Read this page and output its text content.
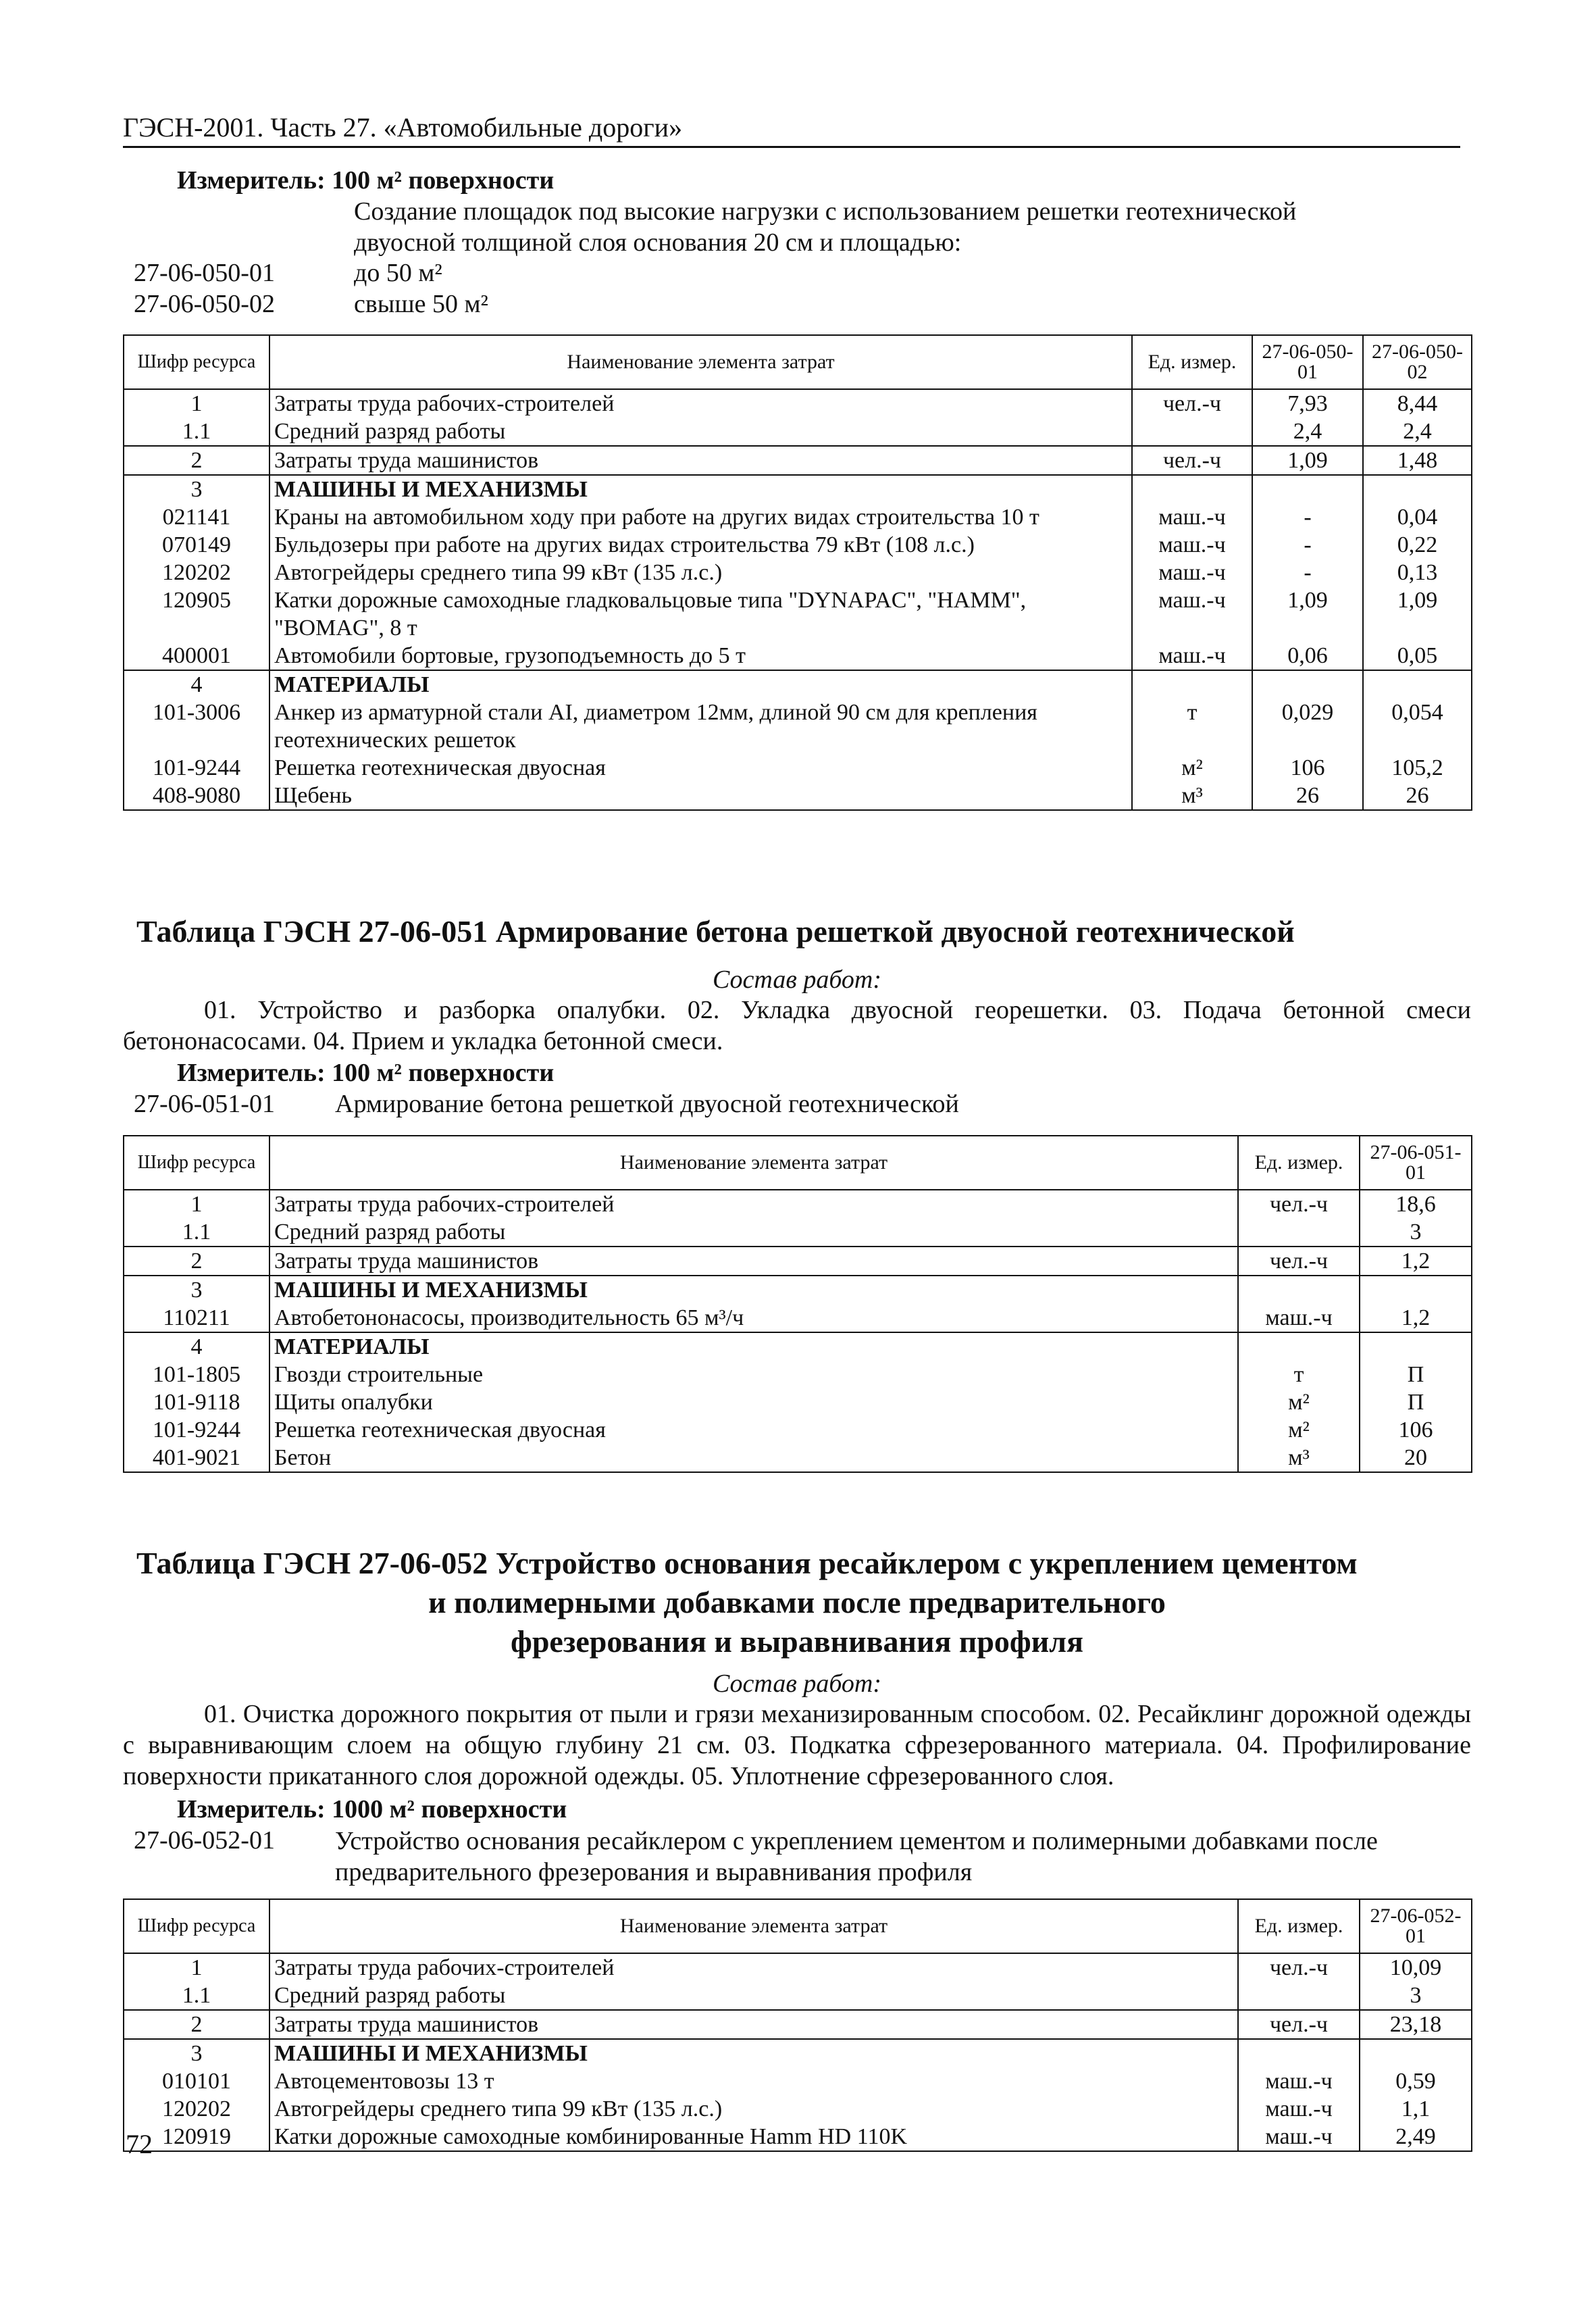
ГЭСН-2001. Часть 27. «Автомобильные дороги»
Измеритель: 100 м² поверхности
Создание площадок под высокие нагрузки с использованием решетки геотехнической двуосной толщиной слоя основания 20 см и площадью:
27-06-050-01	до 50 м²
27-06-050-02	свыше 50 м²
Шифр ресурса	Наименование элемента затрат	Ед. измер.	27-06-050-01	27-06-050-02
1	Затраты труда рабочих-строителей	чел.-ч	7,93	8,44
1.1	Средний разряд работы		2,4	2,4
2	Затраты труда машинистов	чел.-ч	1,09	1,48
3	МАШИНЫ И МЕХАНИЗМЫ			
021141	Краны на автомобильном ходу при работе на других видах строительства 10 т	маш.-ч	-	0,04
070149	Бульдозеры при работе на других видах строительства 79 кВт (108 л.с.)	маш.-ч	-	0,22
120202	Автогрейдеры среднего типа 99 кВт (135 л.с.)	маш.-ч	-	0,13
120905	Катки дорожные самоходные гладковальцовые типа "DYNAPAC", "HAMM", "BOMAG", 8 т	маш.-ч	1,09	1,09
400001	Автомобили бортовые, грузоподъемность до 5 т	маш.-ч	0,06	0,05
4	МАТЕРИАЛЫ			
101-3006	Анкер из арматурной стали AI, диаметром 12мм, длиной 90 см для крепления геотехнических решеток	т	0,029	0,054
101-9244	Решетка геотехническая двуосная	м²	106	105,2
408-9080	Щебень	м³	26	26
Таблица ГЭСН 27-06-051 Армирование бетона решеткой двуосной геотехнической
Состав работ:
01. Устройство и разборка опалубки. 02. Укладка двуосной георешетки. 03. Подача бетонной смеси бетононасосами. 04. Прием и укладка бетонной смеси.
Измеритель: 100 м² поверхности
27-06-051-01 Армирование бетона решеткой двуосной геотехнической
Шифр ресурса	Наименование элемента затрат	Ед. измер.	27-06-051-01
1	Затраты труда рабочих-строителей	чел.-ч	18,6
1.1	Средний разряд работы		3
2	Затраты труда машинистов	чел.-ч	1,2
3	МАШИНЫ И МЕХАНИЗМЫ		
110211	Автобетононасосы, производительность 65 м³/ч	маш.-ч	1,2
4	МАТЕРИАЛЫ		
101-1805	Гвозди строительные	т	П
101-9118	Щиты опалубки	м²	П
101-9244	Решетка геотехническая двуосная	м²	106
401-9021	Бетон	м³	20
Таблица ГЭСН 27-06-052 Устройство основания ресайклером с укреплением цементом
и полимерными добавками после предварительного
фрезерования и выравнивания профиля
Состав работ:
01. Очистка дорожного покрытия от пыли и грязи механизированным способом. 02. Ресайклинг дорожной одежды с выравнивающим слоем на общую глубину 21 см. 03. Подкатка сфрезерованного материала. 04. Профилирование поверхности прикатанного слоя дорожной одежды. 05. Уплотнение сфрезерованного слоя.
Измеритель: 1000 м² поверхности
27-06-052-01 Устройство основания ресайклером с укреплением цементом и полимерными добавками после предварительного фрезерования и выравнивания профиля
Шифр ресурса	Наименование элемента затрат	Ед. измер.	27-06-052-01
1	Затраты труда рабочих-строителей	чел.-ч	10,09
1.1	Средний разряд работы		3
2	Затраты труда машинистов	чел.-ч	23,18
3	МАШИНЫ И МЕХАНИЗМЫ		
010101	Автоцементовозы 13 т	маш.-ч	0,59
120202	Автогрейдеры среднего типа 99 кВт (135 л.с.)	маш.-ч	1,1
120919	Катки дорожные самоходные комбинированные Hamm HD 110K	маш.-ч	2,49
72
